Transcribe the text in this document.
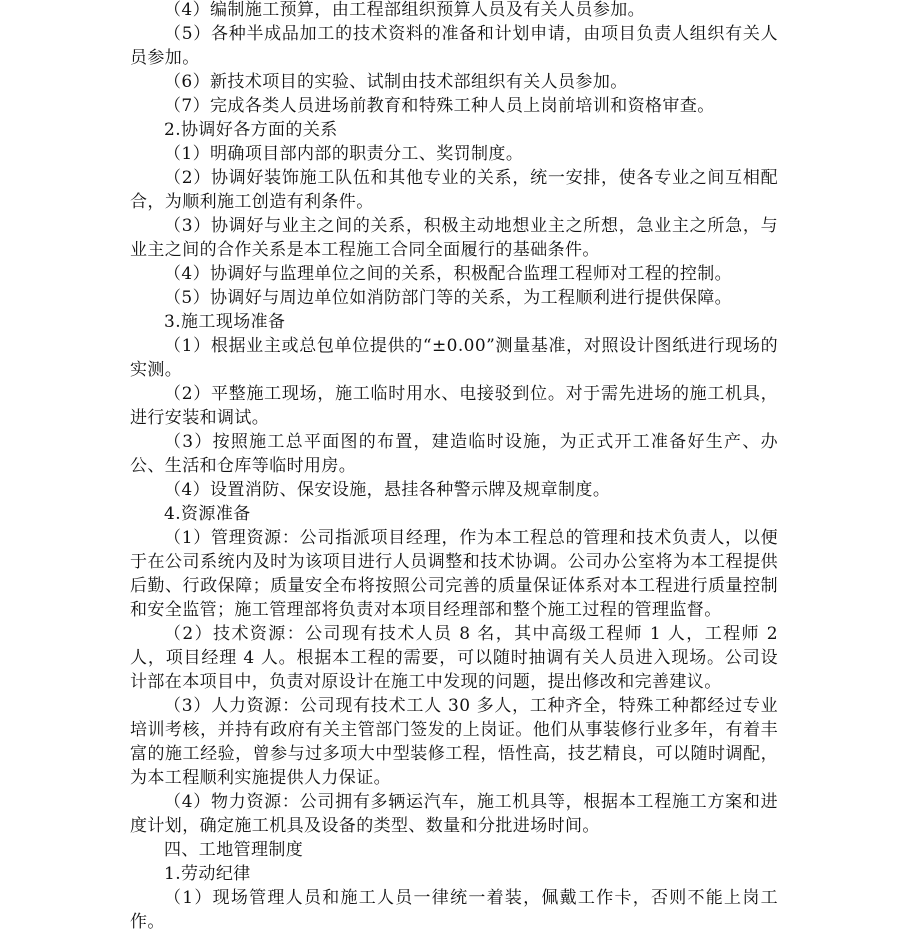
（4）编制施工预算，由工程部组织预算人员及有关人员参加。

（5）各种半成品加工的技术资料的准备和计划申请，由项目负责人组织有关人员参加。

（6）新技术项目的实验、试制由技术部组织有关人员参加。

（7）完成各类人员进场前教育和特殊工种人员上岗前培训和资格审查。

2.协调好各方面的关系

（1）明确项目部内部的职责分工、奖罚制度。

（2）协调好装饰施工队伍和其他专业的关系，统一安排，使各专业之间互相配合，为顺利施工创造有利条件。

（3）协调好与业主之间的关系，积极主动地想业主之所想，急业主之所急，与业主之间的合作关系是本工程施工合同全面履行的基础条件。

（4）协调好与监理单位之间的关系，积极配合监理工程师对工程的控制。

（5）协调好与周边单位如消防部门等的关系，为工程顺利进行提供保障。

3.施工现场准备

（1）根据业主或总包单位提供的“±0.00”测量基准，对照设计图纸进行现场的实测。

（2）平整施工现场，施工临时用水、电接驳到位。对于需先进场的施工机具，进行安装和调试。

（3）按照施工总平面图的布置，建造临时设施，为正式开工准备好生产、办公、生活和仓库等临时用房。

（4）设置消防、保安设施，悬挂各种警示牌及规章制度。

4.资源准备

（1）管理资源：公司指派项目经理，作为本工程总的管理和技术负责人，以便于在公司系统内及时为该项目进行人员调整和技术协调。公司办公室将为本工程提供后勤、行政保障；质量安全布将按照公司完善的质量保证体系对本工程进行质量控制和安全监管；施工管理部将负责对本项目经理部和整个施工过程的管理监督。

（2）技术资源：公司现有技术人员 8 名，其中高级工程师 1 人，工程师 2 人，项目经理 4 人。根据本工程的需要，可以随时抽调有关人员进入现场。公司设计部在本项目中，负责对原设计在施工中发现的问题，提出修改和完善建议。

（3）人力资源：公司现有技术工人 30 多人，工种齐全，特殊工种都经过专业培训考核，并持有政府有关主管部门签发的上岗证。他们从事装修行业多年，有着丰富的施工经验，曾参与过多项大中型装修工程，悟性高，技艺精良，可以随时调配，为本工程顺利实施提供人力保证。

（4）物力资源：公司拥有多辆运汽车，施工机具等，根据本工程施工方案和进度计划，确定施工机具及设备的类型、数量和分批进场时间。

四、工地管理制度

1.劳动纪律

（1）现场管理人员和施工人员一律统一着装，佩戴工作卡，否则不能上岗工作。
